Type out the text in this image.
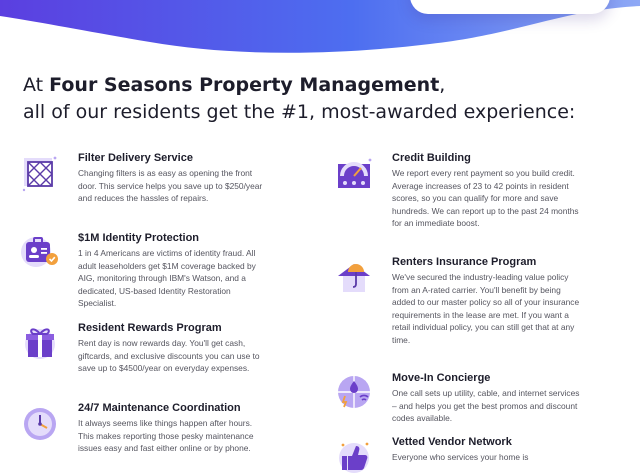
At Four Seasons Property Management,
all of our residents get the #1, most-awarded experience:

Filter Delivery Service

Changing filters is as easy as opening the front door. This service helps you save up to $250/year and reduces the hassles of repairs.

$1M Identity Protection

1 in 4 Americans are victims of identity fraud. All adult leaseholders get $1M coverage backed by AIG, monitoring through IBM's Watson, and a dedicated, US-based Identity Restoration Specialist.

Resident Rewards Program

Rent day is now rewards day. You'll get cash, giftcards, and exclusive discounts you can use to save up to $4500/year on everyday expenses.

24/7 Maintenance Coordination

It always seems like things happen after hours. This makes reporting those pesky maintenance issues easy and fast either online or by phone.

Credit Building

We report every rent payment so you build credit. Average increases of 23 to 42 points in resident scores, so you can qualify for more and save hundreds. We can report up to the past 24 months for an immediate boost.

Renters Insurance Program

We've secured the industry-leading value policy from an A-rated carrier. You'll benefit by being added to our master policy so all of your insurance requirements in the lease are met. If you want a retail individual policy, you can still get that at any time.

Move-In Concierge

One call sets up utility, cable, and internet services – and helps you get the best promos and discount codes available.

Vetted Vendor Network

Everyone who services your home is
